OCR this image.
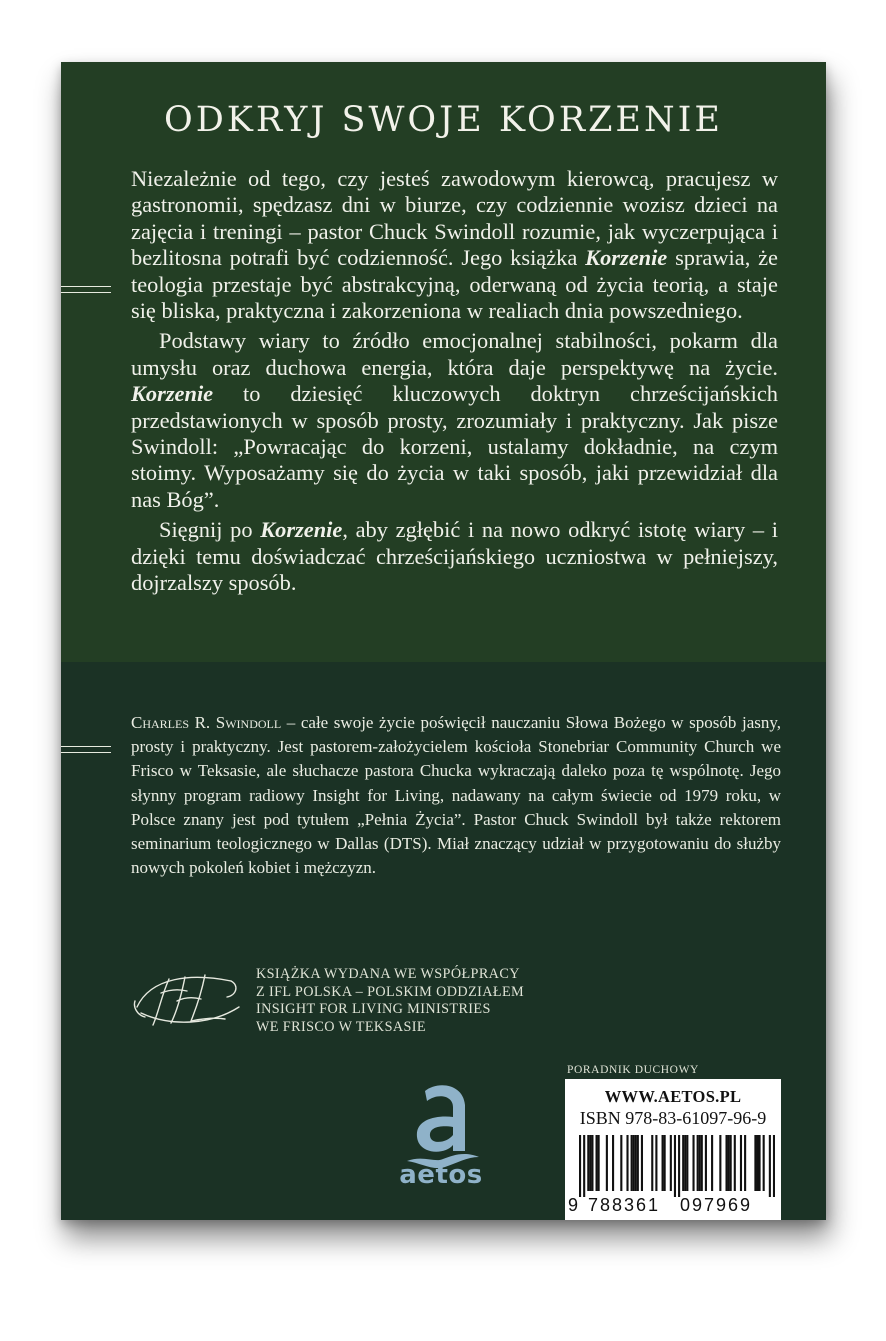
ODKRYJ SWOJE KORZENIE

Niezależnie od tego, czy jesteś zawodowym kierowcą, pracujesz w gastronomii, spędzasz dni w biurze, czy codziennie wozisz dzieci na zajęcia i treningi – pastor Chuck Swindoll rozumie, jak wyczerpująca i bezlitosna potrafi być codzienność. Jego książka Korzenie sprawia, że teologia przestaje być abstrakcyjną, oderwaną od życia teorią, a staje się bliska, praktyczna i zakorzeniona w realiach dnia powszedniego.

Podstawy wiary to źródło emocjonalnej stabilności, pokarm dla umysłu oraz duchowa energia, która daje perspektywę na życie. Korzenie to dziesięć kluczowych doktryn chrześcijańskich przedstawionych w sposób prosty, zrozumiały i praktyczny. Jak pisze Swindoll: „Powracając do korzeni, ustalamy dokładnie, na czym stoimy. Wyposażamy się do życia w taki sposób, jaki przewidział dla nas Bóg”.

Sięgnij po Korzenie, aby zgłębić i na nowo odkryć istotę wiary – i dzięki temu doświadczać chrześcijańskiego uczniostwa w pełniejszy, dojrzalszy sposób.

Charles R. Swindoll – całe swoje życie poświęcił nauczaniu Słowa Bożego w sposób jasny, prosty i praktyczny. Jest pastorem-założycielem kościoła Stonebriar Community Church we Frisco w Teksasie, ale słuchacze pastora Chucka wykraczają daleko poza tę wspólnotę. Jego słynny program radiowy Insight for Living, nadawany na całym świecie od 1979 roku, w Polsce znany jest pod tytułem „Pełnia Życia”. Pastor Chuck Swindoll był także rektorem seminarium teologicznego w Dallas (DTS). Miał znaczący udział w przygotowaniu do służby nowych pokoleń kobiet i mężczyzn.

KSIĄŻKA WYDANA WE WSPÓŁPRACY
Z IFL POLSKA – POLSKIM ODDZIAŁEM
INSIGHT FOR LIVING MINISTRIES
WE FRISCO W TEKSASIE
aetos
PORADNIK DUCHOWY
WWW.AETOS.PL
ISBN 978-83-61097-96-9
9 788361 097969
